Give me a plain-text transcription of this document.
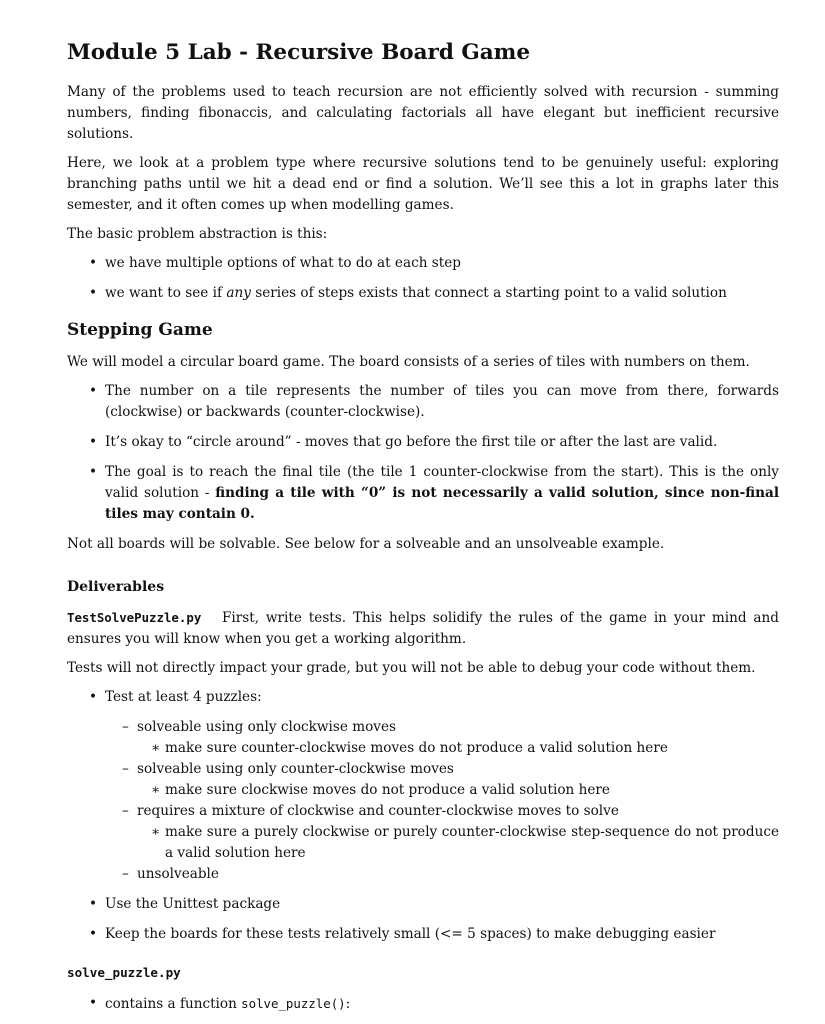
Module 5 Lab - Recursive Board Game

Many of the problems used to teach recursion are not efficiently solved with recursion - summing numbers, finding fibonaccis, and calculating factorials all have elegant but inefficient recursive solutions.

Here, we look at a problem type where recursive solutions tend to be genuinely useful: exploring branching paths until we hit a dead end or find a solution. We’ll see this a lot in graphs later this semester, and it often comes up when modelling games.

The basic problem abstraction is this:

• we have multiple options of what to do at each step
• we want to see if any series of steps exists that connect a starting point to a valid solution
Stepping Game

We will model a circular board game. The board consists of a series of tiles with numbers on them.

• The number on a tile represents the number of tiles you can move from there, forwards (clockwise) or backwards (counter-clockwise).
• It’s okay to “circle around” - moves that go before the first tile or after the last are valid.
• The goal is to reach the final tile (the tile 1 counter-clockwise from the start). This is the only valid solution - finding a tile with “0” is not necessarily a valid solution, since non-final tiles may contain 0.

Not all boards will be solvable. See below for a solveable and an unsolveable example.

Deliverables

TestSolvePuzzle.py First, write tests. This helps solidify the rules of the game in your mind and ensures you will know when you get a working algorithm.

Tests will not directly impact your grade, but you will not be able to debug your code without them.

• Test at least 4 puzzles:
– solveable using only clockwise moves
∗ make sure counter-clockwise moves do not produce a valid solution here
– solveable using only counter-clockwise moves
∗ make sure clockwise moves do not produce a valid solution here
– requires a mixture of clockwise and counter-clockwise moves to solve
∗ make sure a purely clockwise or purely counter-clockwise step-sequence do not produce a valid solution here
– unsolveable
• Use the Unittest package
• Keep the boards for these tests relatively small (<= 5 spaces) to make debugging easier
solve_puzzle.py
• contains a function solve_puzzle():
